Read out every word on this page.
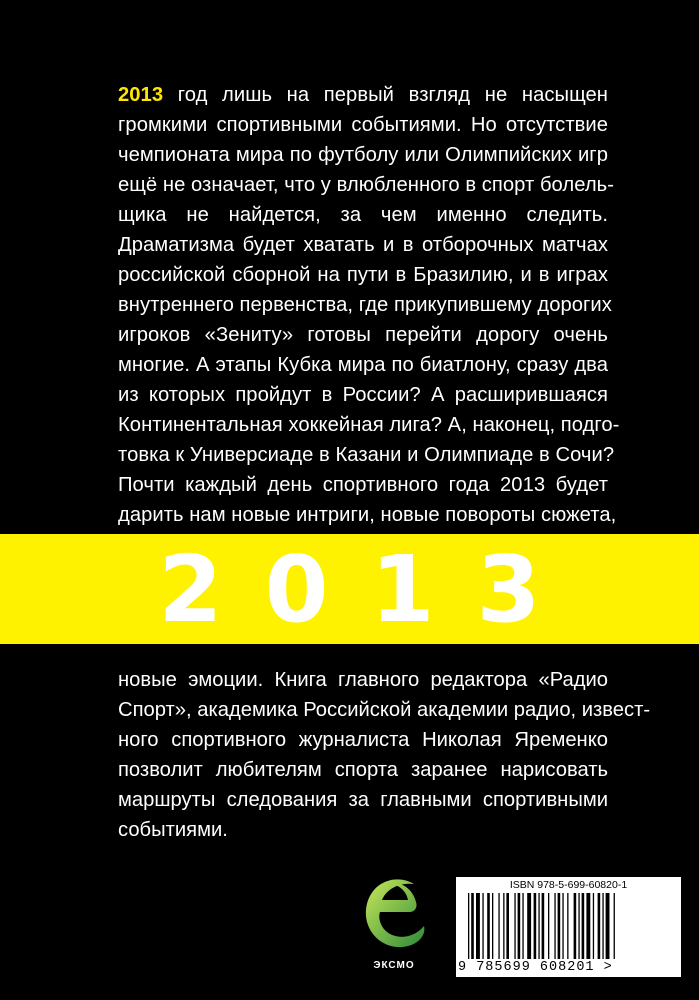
2013 год лишь на первый взгляд не насыщен
громкими спортивными событиями. Но отсутствие
чемпионата мира по футболу или Олимпийских игр
ещё не означает, что у влюбленного в спорт болель-
щика не найдется, за чем именно следить.
Драматизма будет хватать и в отборочных матчах
российской сборной на пути в Бразилию, и в играх
внутреннего первенства, где прикупившему дорогих
игроков «Зениту» готовы перейти дорогу очень
многие. А этапы Кубка мира по биатлону, сразу два
из которых пройдут в России? А расширившаяся
Континентальная хоккейная лига? А, наконец, подго-
товка к Универсиаде в Казани и Олимпиаде в Сочи?
Почти каждый день спортивного года 2013 будет
дарить нам новые интриги, новые повороты сюжета,
2013
новые эмоции. Книга главного редактора «Радио
Спорт», академика Российской академии радио, извест-
ного спортивного журналиста Николая Яременко
позволит любителям спорта заранее нарисовать
маршруты следования за главными спортивными
событиями.
ЭКСМО
ISBN 978-5-699-60820-1
9 785699 608201 >
